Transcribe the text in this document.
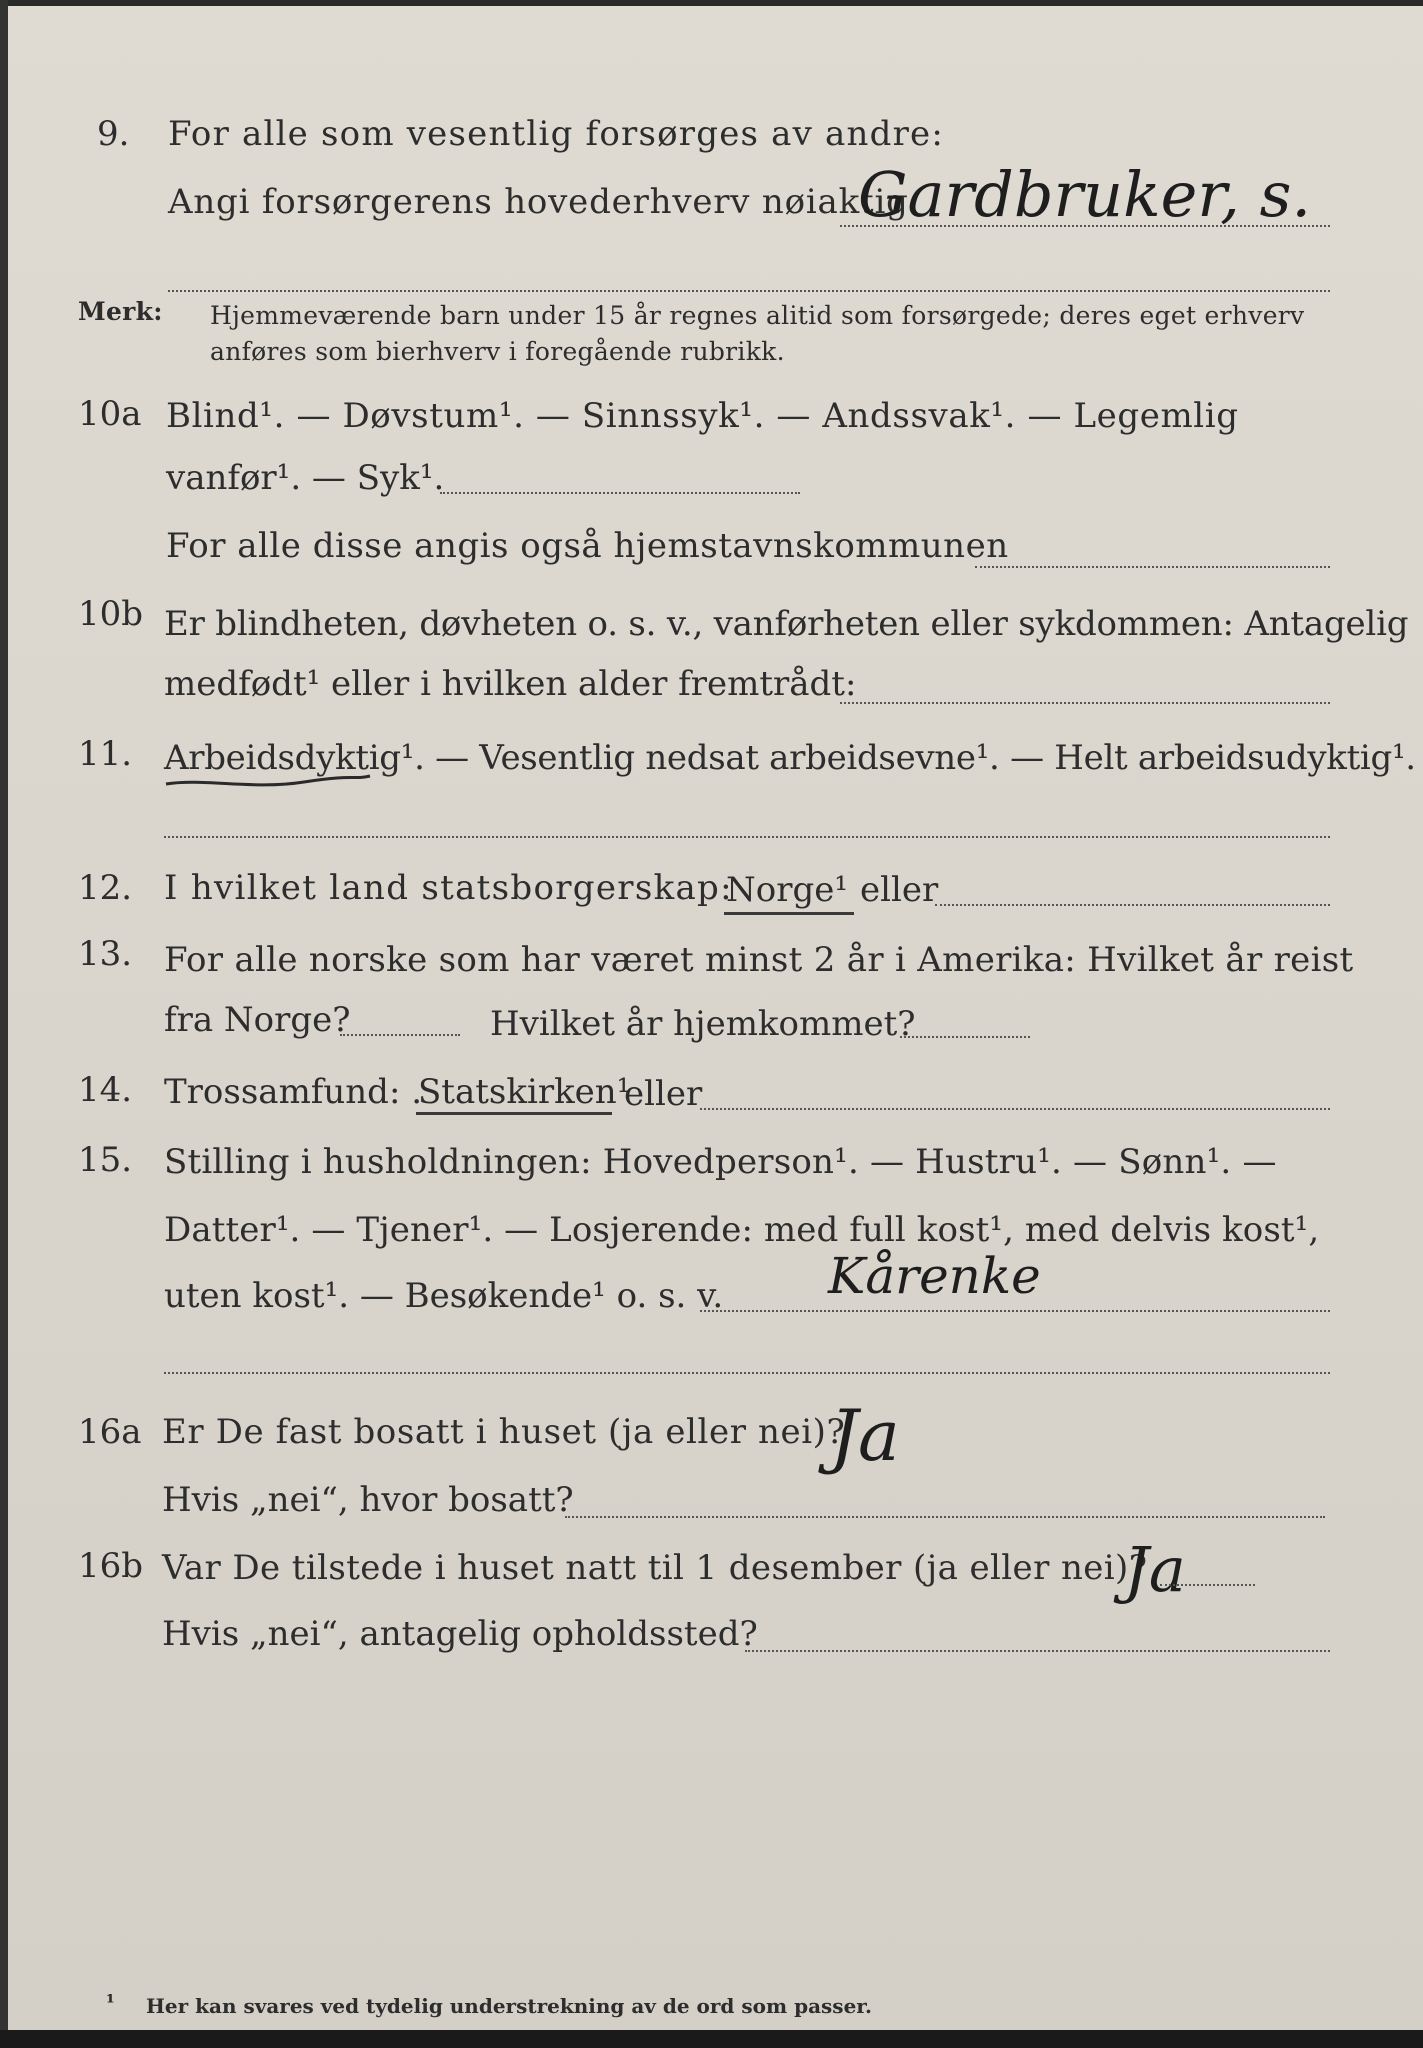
9. For alle som vesentlig forsørges av andre:
Angi forsørgerens hovederhverv nøiaktig
Gardbruker, s.
Merk: Hjemmeværende barn under 15 år regnes alitid som forsørgede; deres eget erhverv
anføres som bierhverv i foregående rubrikk.
10a Blind¹. — Døvstum¹. — Sinnssyk¹. — Andssvak¹. — Legemlig
vanfør¹. — Syk¹.
For alle disse angis også hjemstavnskommunen
10b Er blindheten, døvheten o. s. v., vanførheten eller sykdommen: Antagelig
medfødt¹ eller i hvilken alder fremtrådt:
11. Arbeidsdyktig¹. — Vesentlig nedsat arbeidsevne¹. — Helt arbeidsudyktig¹.
12. I hvilket land statsborgerskap:
Norge¹ eller
13. For alle norske som har været minst 2 år i Amerika: Hvilket år reist
fra Norge?	Hvilket år hjemkommet?
14. Trossamfund: .
Statskirken¹
eller
15. Stilling i husholdningen: Hovedperson¹. — Hustru¹. — Sønn¹. —
Datter¹. — Tjener¹. — Losjerende: med full kost¹, med delvis kost¹,
uten kost¹. — Besøkende¹ o. s. v. Kårenke
16a Er De fast bosatt i huset (ja eller nei)?
Ja
Hvis „nei“, hvor bosatt?
16b Var De tilstede i huset natt til 1 desember (ja eller nei)?
Ja
Hvis „nei“, antagelig opholdssted?
¹ Her kan svares ved tydelig understrekning av de ord som passer.
